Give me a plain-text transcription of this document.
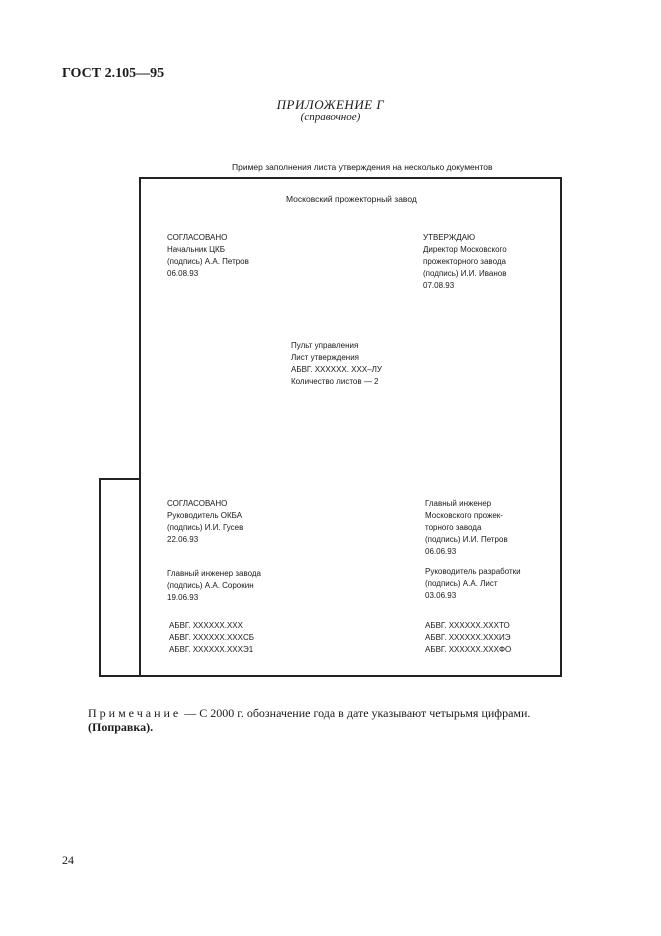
ГОСТ 2.105—95
ПРИЛОЖЕНИЕ Г
(справочное)
Пример заполнения листа утверждения на несколько документов
Московский прожекторный завод
СОГЛАСОВАНО
Начальник ЦКБ
(подпись) А.А. Петров
06.08.93
УТВЕРЖДАЮ
Директор Московского
прожекторного завода
(подпись) И.И. Иванов
07.08.93
Пульт управления
Лист утверждения
АБВГ. XXXXXX. XXX–ЛУ
Количество листов — 2
СОГЛАСОВАНО
Руководитель ОКБА
(подпись) И.И. Гусев
22.06.93
Главный инженер завода
(подпись) А.А. Сорокин
19.06.93
АБВГ. XXXXXX.XXX
АБВГ. XXXXXX.XXXСБ
АБВГ. XXXXXX.XXXЭ1
Главный инженер
Московского прожек-
торного завода
(подпись) И.И. Петров
06.06.93
Руководитель разработки
(подпись) А.А. Лист
03.06.93
АБВГ. XXXXXX.XXXТО
АБВГ. XXXXXX.XXXИЭ
АБВГ. XXXXXX.XXXФО
Примечание — С 2000 г. обозначение года в дате указывают четырьмя цифрами.
(Поправка).
24
